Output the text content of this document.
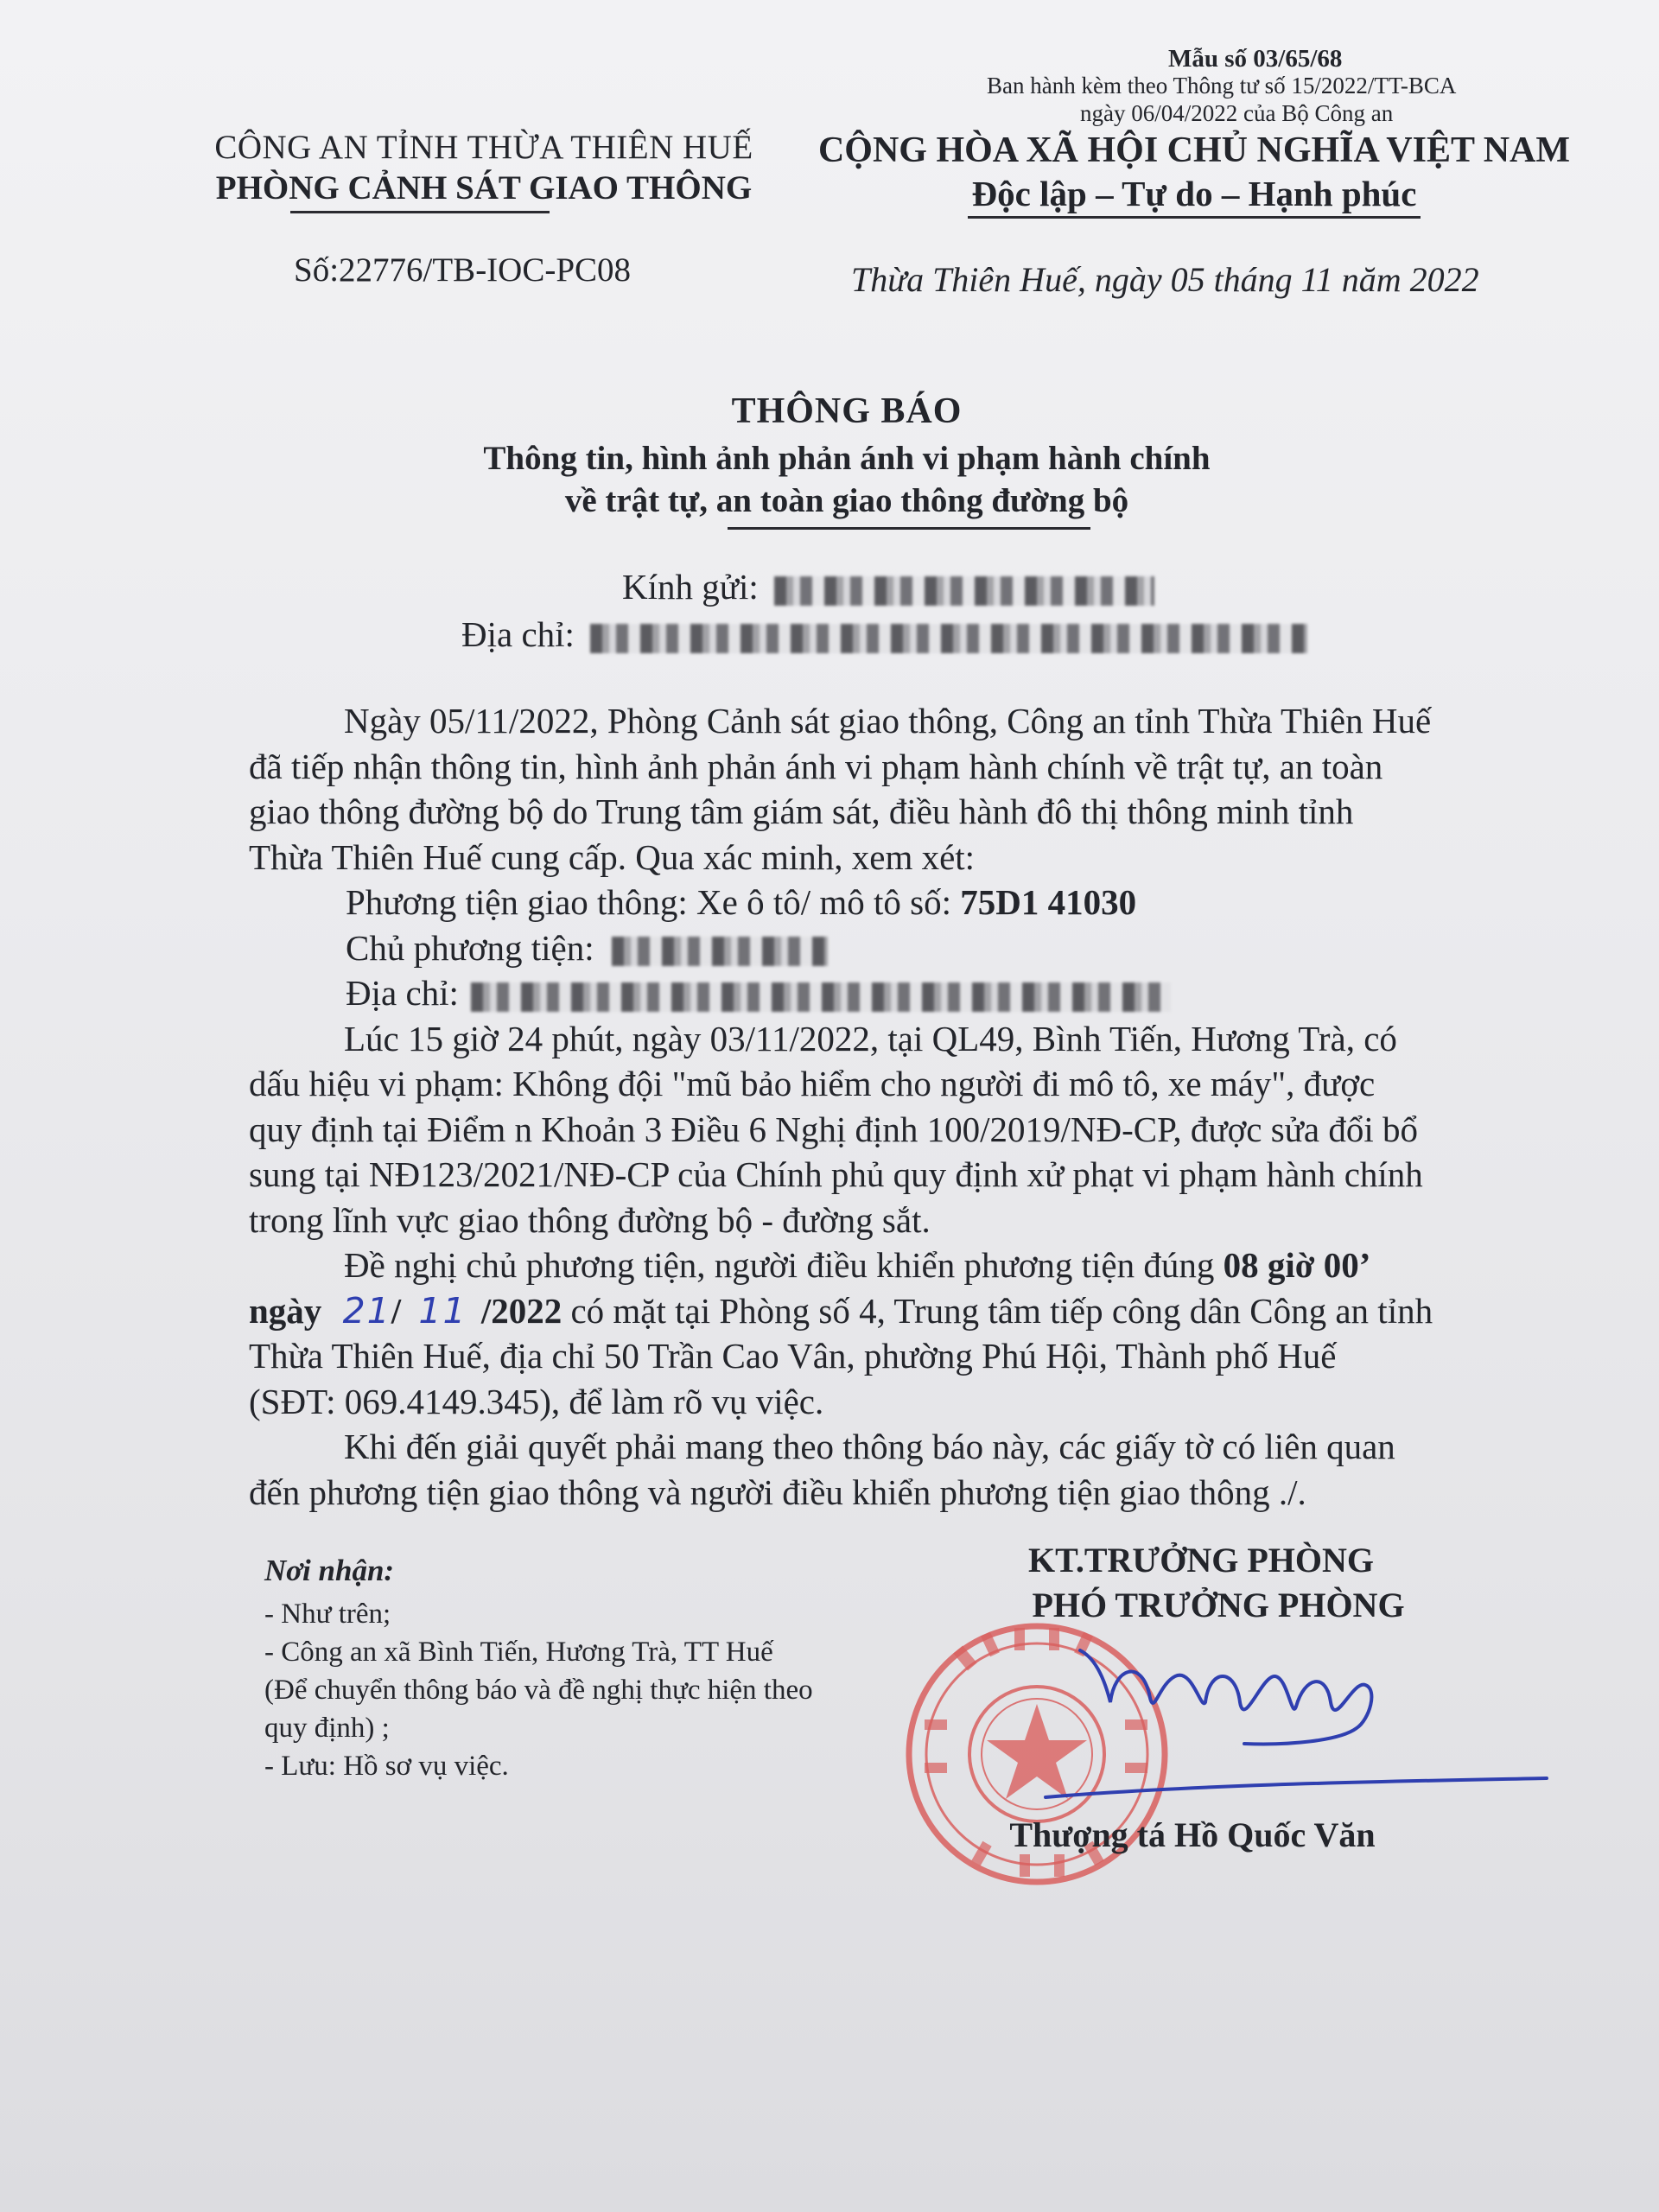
Mẫu số 03/65/68
Ban hành kèm theo Thông tư số 15/2022/TT-BCA
ngày 06/04/2022 của Bộ Công an
CÔNG AN TỈNH THỪA THIÊN HUẾ
PHÒNG CẢNH SÁT GIAO THÔNG
Số:22776/TB-IOC-PC08
CỘNG HÒA XÃ HỘI CHỦ NGHĨA VIỆT NAM
Độc lập – Tự do – Hạnh phúc
Thừa Thiên Huế, ngày 05 tháng 11 năm 2022
THÔNG BÁO
Thông tin, hình ảnh phản ánh vi phạm hành chính
về trật tự, an toàn giao thông đường bộ
Kính gửi:
Địa chỉ:
Ngày 05/11/2022, Phòng Cảnh sát giao thông, Công an tỉnh Thừa Thiên Huế
đã tiếp nhận thông tin, hình ảnh phản ánh vi phạm hành chính về trật tự, an toàn
giao thông đường bộ do Trung tâm giám sát, điều hành đô thị thông minh tỉnh
Thừa Thiên Huế cung cấp. Qua xác minh, xem xét:
Phương tiện giao thông: Xe ô tô/ mô tô số: 75D1 41030
Chủ phương tiện:
Địa chỉ:
Lúc 15 giờ 24 phút, ngày 03/11/2022, tại QL49, Bình Tiến, Hương Trà, có
dấu hiệu vi phạm: Không đội "mũ bảo hiểm cho người đi mô tô, xe máy", được
quy định tại Điểm n Khoản 3 Điều 6 Nghị định 100/2019/NĐ-CP, được sửa đổi bổ
sung tại NĐ123/2021/NĐ-CP của Chính phủ quy định xử phạt vi phạm hành chính
trong lĩnh vực giao thông đường bộ - đường sắt.
Đề nghị chủ phương tiện, người điều khiển phương tiện đúng 08 giờ 00’
ngày 21/ 11 /2022 có mặt tại Phòng số 4, Trung tâm tiếp công dân Công an tỉnh
Thừa Thiên Huế, địa chỉ 50 Trần Cao Vân, phường Phú Hội, Thành phố Huế
(SĐT: 069.4149.345), để làm rõ vụ việc.
Khi đến giải quyết phải mang theo thông báo này, các giấy tờ có liên quan
đến phương tiện giao thông và người điều khiển phương tiện giao thông ./.
Nơi nhận:
- Như trên;
- Công an xã Bình Tiến, Hương Trà, TT Huế
(Để chuyển thông báo và đề nghị thực hiện theo
quy định) ;
- Lưu: Hồ sơ vụ việc.
KT.TRƯỞNG PHÒNG
PHÓ TRƯỞNG PHÒNG
Thượng tá Hồ Quốc Văn
